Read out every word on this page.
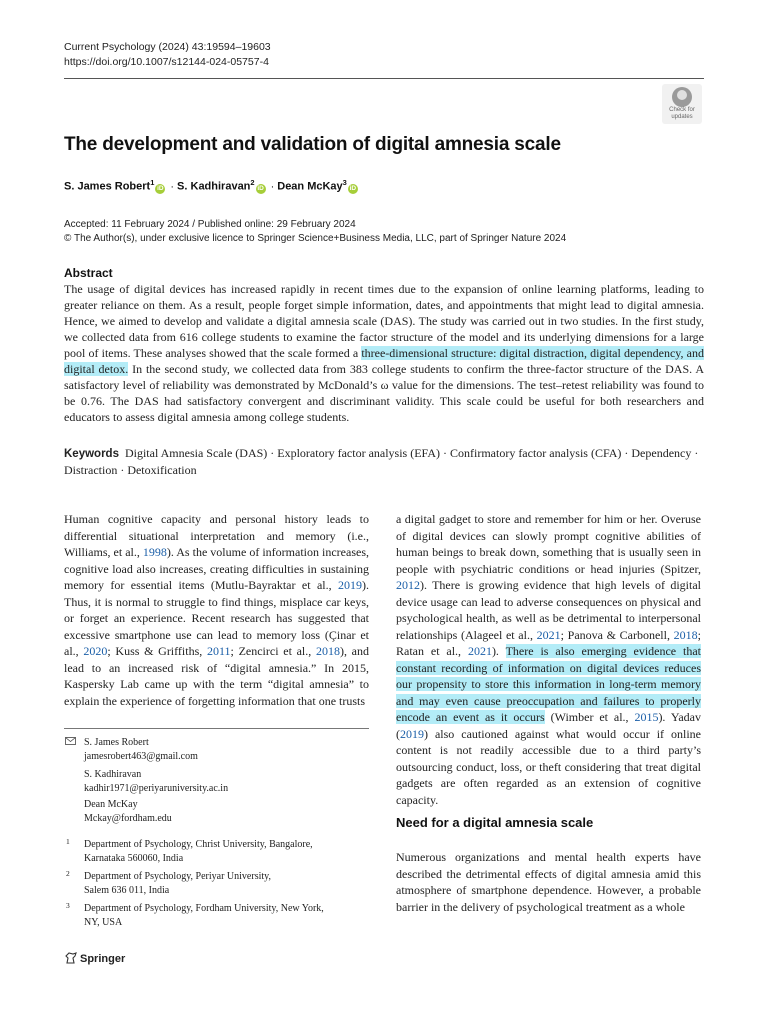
Current Psychology (2024) 43:19594–19603
https://doi.org/10.1007/s12144-024-05757-4
Check for
updates
The development and validation of digital amnesia scale
S. James Robert$^1$iD · S. Kadhiravan$^2$iD · Dean McKay$^3$iD
Accepted: 11 February 2024 / Published online: 29 February 2024
© The Author(s), under exclusive licence to Springer Science+Business Media, LLC, part of Springer Nature 2024
Abstract

The usage of digital devices has increased rapidly in recent times due to the expansion of online learning platforms, leading to greater reliance on them. As a result, people forget simple information, dates, and appointments that might lead to digital amnesia. Hence, we aimed to develop and validate a digital amnesia scale (DAS). The study was carried out in two studies. In the first study, we collected data from 616 college students to examine the factor structure of the model and its underlying dimensions for a large pool of items. These analyses showed that the scale formed a three-dimensional structure: digital distraction, digital dependency, and digital detox. In the second study, we collected data from 383 college students to confirm the three-factor structure of the DAS. A satisfactory level of reliability was demonstrated by McDonald’s ω value for the dimensions. The test–retest reliability was found to be 0.76. The DAS had satisfactory convergent and discriminant validity. This scale could be useful for both researchers and educators to assess digital amnesia among college students.

Keywords Digital Amnesia Scale (DAS) · Exploratory factor analysis (EFA) · Confirmatory factor analysis (CFA) · Dependency · Distraction · Detoxification

Human cognitive capacity and personal history leads to differential situational interpretation and memory (i.e., Williams, et al., 1998). As the volume of information increases, cognitive load also increases, creating difficulties in sustaining memory for essential items (Mutlu-Bayraktar et al., 2019). Thus, it is normal to struggle to find things, misplace car keys, or forget an experience. Recent research has suggested that excessive smartphone use can lead to memory loss (Çinar et al., 2020; Kuss & Griffiths, 2011; Zencirci et al., 2018), and lead to an increased risk of “digital amnesia.” In 2015, Kaspersky Lab came up with the term “digital amnesia” to explain the experience of forgetting information that one trusts

a digital gadget to store and remember for him or her. Overuse of digital devices can slowly prompt cognitive abilities of human beings to break down, something that is usually seen in people with psychiatric conditions or head injuries (Spitzer, 2012). There is growing evidence that high levels of digital device usage can lead to adverse consequences on physical and psychological health, as well as be detrimental to interpersonal relationships (Alageel et al., 2021; Panova & Carbonell, 2018; Ratan et al., 2021). There is also emerging evidence that constant recording of information on digital devices reduces our propensity to store this information in long-term memory and may even cause preoccupation and failures to properly encode an event as it occurs (Wimber et al., 2015). Yadav (2019) also cautioned against what would occur if online content is not readily accessible due to a third party’s outsourcing conduct, loss, or theft considering that treat digital gadgets are often regarded as an extension of cognitive capacity.

S. James Robert
jamesrobert463@gmail.com
S. Kadhiravan
kadhir1971@periyaruniversity.ac.in
Dean McKay
Mckay@fordham.edu
1 Department of Psychology, Christ University, Bangalore,
Karnataka 560060, India
2 Department of Psychology, Periyar University,
Salem 636 011, India
3 Department of Psychology, Fordham University, New York,
NY, USA
Need for a digital amnesia scale

Numerous organizations and mental health experts have described the detrimental effects of digital amnesia amid this atmosphere of smartphone dependence. However, a probable barrier in the delivery of psychological treatment as a whole

Springer
